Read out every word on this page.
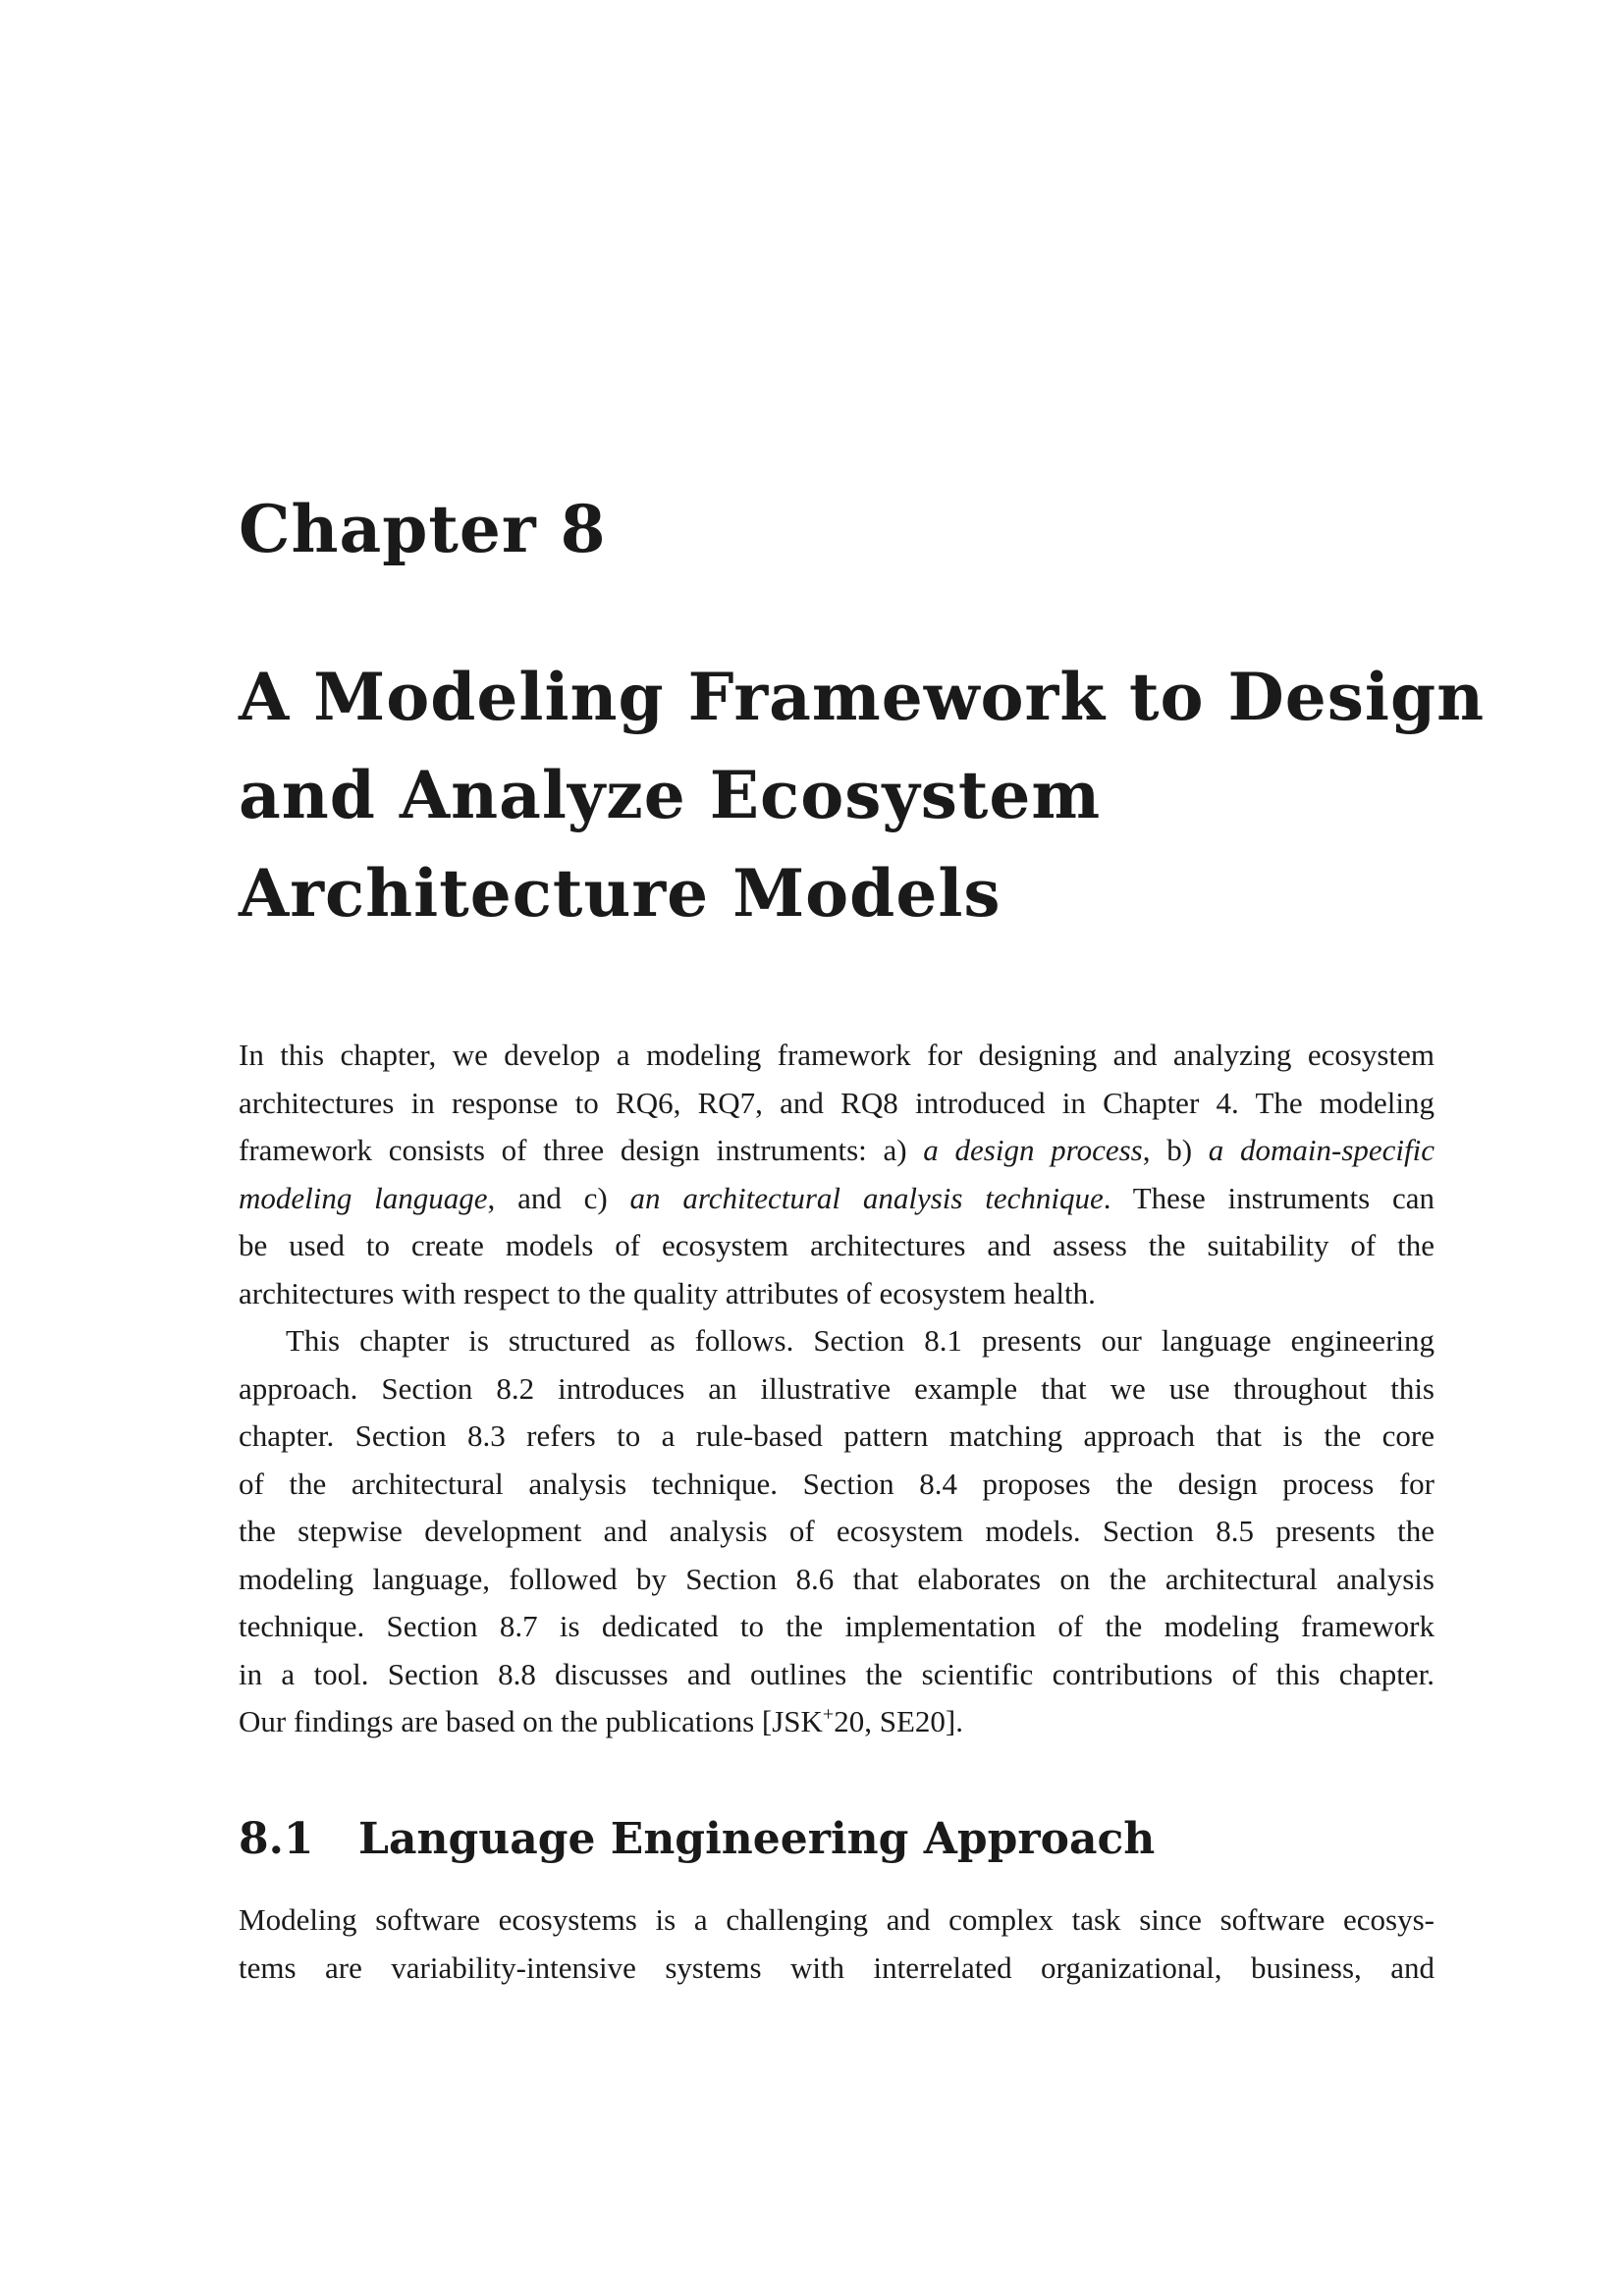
Chapter 8
A Modeling Framework to Design
and Analyze Ecosystem
Architecture Models

In this chapter, we develop a modeling framework for designing and analyzing ecosystem
architectures in response to RQ6, RQ7, and RQ8 introduced in Chapter 4. The modeling
framework consists of three design instruments: a) a design process, b) a domain-specific
modeling language, and c) an architectural analysis technique. These instruments can
be used to create models of ecosystem architectures and assess the suitability of the
architectures with respect to the quality attributes of ecosystem health.

This chapter is structured as follows. Section 8.1 presents our language engineering
approach. Section 8.2 introduces an illustrative example that we use throughout this
chapter. Section 8.3 refers to a rule-based pattern matching approach that is the core
of the architectural analysis technique. Section 8.4 proposes the design process for
the stepwise development and analysis of ecosystem models. Section 8.5 presents the
modeling language, followed by Section 8.6 that elaborates on the architectural analysis
technique. Section 8.7 is dedicated to the implementation of the modeling framework
in a tool. Section 8.8 discusses and outlines the scientific contributions of this chapter.
Our findings are based on the publications [JSK+20, SE20].

8.1 Language Engineering Approach

Modeling software ecosystems is a challenging and complex task since software ecosys-
tems are variability-intensive systems with interrelated organizational, business, and
